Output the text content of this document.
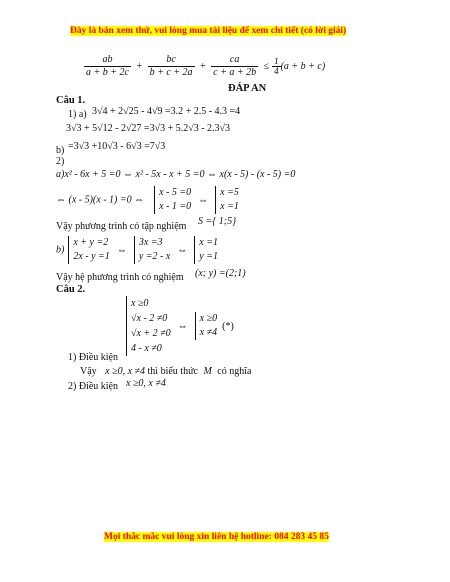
Đây là bản xem thử, vui lòng mua tài liệu để xem chi tiết (có lời giải)
$\frac{ab}{a + b + 2c} + \frac{bc}{b + c + 2a} + \frac{ca}{c + a + 2b} \le \frac{1}{4} (a + b + c)$
ĐÁP AN
Câu 1.
1) a) 3√4 + 2√25 - 4√9 =3.2 + 2.5 - 4.3 =4
3√3 + 5√12 - 2√27 =3√3 + 5.2√3 - 2.3√3
b) =3√3 +10√3 - 6√3 =7√3
2)
a)x² - 6x + 5 =0 ⇔ x² - 5x - x + 5 =0 ⇔ x(x - 5) - (x - 5) =0
⇔ (x - 5)(x - 1) =0 ⇔ x - 5 =0
x - 1 =0 ⇔ x =5
x =1
Vậy phương trình có tập nghiệm S ={ 1;5}
b) x + y =2
2x - y =1 ⇔ 3x =3
y =2 - x ⇔ x =1
y =1
Vậy hệ phương trình có nghiệm (x; y) =(2;1)
Câu 2.
x ≥0
√x - 2 ≠0
√x + 2 ≠0
4 - x ≠0 ⇔ x ≥0
x ≠4 (*)
1) Điều kiện
Vậy x ≥0, x ≠4 thì biểu thức M có nghĩa
2) Điều kiện x ≥0, x ≠4
Mọi thắc mắc vui lòng xin liên hệ hotline: 084 283 45 85
